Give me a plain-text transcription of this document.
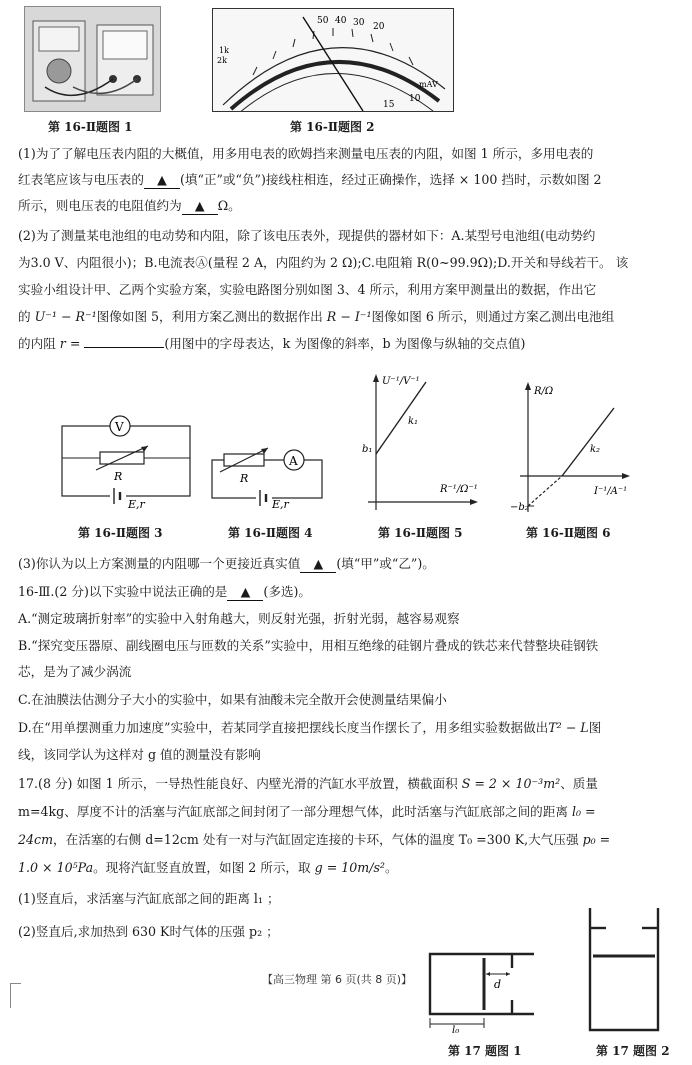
第 16-Ⅱ题图 1
50 40 30 20
15
10
1k
2k
mAV
第 16-Ⅱ题图 2
(1)为了了解电压表内阻的大概值，用多用电表的欧姆挡来测量电压表的内阻，如图 1 所示，多用电表的
红表笔应该与电压表的 ▲ (填“正”或“负”)接线柱相连，经过正确操作，选择 × 100 挡时，示数如图 2
所示，则电压表的电阻值约为 ▲ Ω。
(2)为了测量某电池组的电动势和内阻，除了该电压表外，现提供的器材如下：A.某型号电池组(电动势约
为3.0 V、内阻很小)；B.电流表Ⓐ(量程 2 A，内阻约为 2 Ω);C.电阻箱 R(0~99.9Ω);D.开关和导线若干。 该
实验小组设计甲、乙两个实验方案，实验电路图分别如图 3、4 所示，利用方案甲测量出的数据，作出它
的 U⁻¹ − R⁻¹图像如图 5，利用方案乙测出的数据作出 R − I⁻¹图像如图 6 所示，则通过方案乙测出电池组
的内阻 r =	(用图中的字母表达，k 为图像的斜率，b 为图像与纵轴的交点值)
V
R
E,r
第 16-Ⅱ题图 3
R
A
E,r
第 16-Ⅱ题图 4
U⁻¹/V⁻¹
R⁻¹/Ω⁻¹
b₁
k₁
第 16-Ⅱ题图 5
R/Ω
I⁻¹/A⁻¹
−b₂
k₂
第 16-Ⅱ题图 6
(3)你认为以上方案测量的内阻哪一个更接近真实值 ▲ (填“甲”或“乙”)。
16-Ⅲ.(2 分)以下实验中说法正确的是 ▲ (多选)。
A.“测定玻璃折射率”的实验中入射角越大，则反射光强，折射光弱，越容易观察
B.“探究变压器原、副线圈电压与匝数的关系”实验中，用相互绝缘的硅钢片叠成的铁芯来代替整块硅钢铁
芯，是为了减少涡流
C.在油膜法估测分子大小的实验中，如果有油酸未完全散开会使测量结果偏小
D.在“用单摆测重力加速度”实验中，若某同学直接把摆线长度当作摆长了，用多组实验数据做出T² − L图
线，该同学认为这样对 g 值的测量没有影响
17.(8 分) 如图 1 所示，一导热性能良好、内壁光滑的汽缸水平放置，横截面积 S = 2 × 10⁻³m²、质量
m=4kg、厚度不计的活塞与汽缸底部之间封闭了一部分理想气体，此时活塞与汽缸底部之间的距离 l₀ =
24cm，在活塞的右侧 d=12cm 处有一对与汽缸固定连接的卡环，气体的温度 T₀ =300 K,大气压强 p₀ =
1.0 × 10⁵Pa。现将汽缸竖直放置，如图 2 所示，取 g = 10m/s²。
(1)竖直后，求活塞与汽缸底部之间的距离 l₁ ；
(2)竖直后,求加热到 630 K时气体的压强 p₂ ；
d
l₀
第 17 题图 1	第 17 题图 2
【高三物理 第 6 页(共 8 页)】
